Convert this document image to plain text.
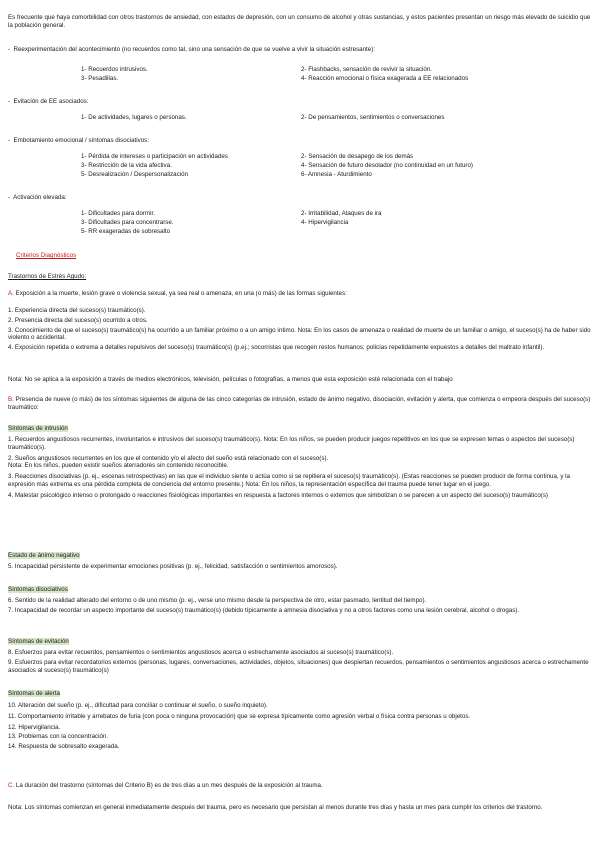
Es frecuente que haya comorbilidad con otros trastornos de ansiedad, con estados de depresión, con un consumo de alcohol y otras sustancias, y estos pacientes presentan un riesgo más elevado de suicidio que la población general.

-  Reexperimentación del acontecimiento (no recuerdos como tal, sino una sensación de que se vuelve a vivir la situación estresante):

1- Recuerdos intrusivos.	2- Flashbacks, sensación de revivir la situación.
3- Pesadillas.	4- Reacción emocional o física exagerada a EE relacionados

-  Evitación de EE asociados:

1- De actividades, lugares o personas.	2- De pensamientos, sentimientos o conversaciones

-  Embotamiento emocional / síntomas disociativos:

1- Pérdida de intereses o participación en actividades	2- Sensación de desapego de los demás
3- Restricción de la vida afectiva.	4- Sensación de futuro desolador (no continuidad en un futuro)
5- Desrealización / Despersonalización	6- Amnesia - Aturdimiento

-  Activación elevada:

1- Dificultades para dormir.	2- Irritabilidad, Ataques de ira
3- Dificultades para concentrarse.	4- Hipervigilancia
5- RR exageradas de sobresalto

Criterios Diagnósticos

Trastornos de Estrés Agudo:

A. Exposición a la muerte, lesión grave o violencia sexual, ya sea real o amenaza, en una (o más) de las formas siguientes:

1. Experiencia directa del suceso(s) traumático(s).

2. Presencia directa del suceso(s) ocurrido a otros.

3. Conocimiento de que el suceso(s) traumático(s) ha ocurrido a un familiar próximo o a un amigo íntimo. Nota: En los casos de amenaza o realidad de muerte de un familiar o amigo, el suceso(s) ha de haber sido violento o accidental.

4. Exposición repetida o extrema a detalles repulsivos del suceso(s) traumático(s) (p.ej.; socorristas que recogen restos humanos; policías repetidamente expuestos a detalles del maltrato infantil).

Nota: No se aplica a la exposición a través de medios electrónicos, televisión, películas o fotografías, a menos que esta exposición esté relacionada con el trabajo

B. Presencia de nueve (o más) de los síntomas siguientes de alguna de las cinco categorías de intrusión, estado de ánimo negativo, disociación, evitación y alerta, que comienza o empeora después del suceso(s) traumático:

Síntomas de intrusión

1. Recuerdos angustiosos recurrentes, involuntarios e intrusivos del suceso(s) traumático(s). Nota: En los niños, se pueden producir juegos repetitivos en los que se expresen temas o aspectos del suceso(s) traumático(s).

2. Sueños angustiosos recurrentes en los que el contenido y/o el afecto del sueño está relacionado con el suceso(s).

Nota: En los niños, pueden existir sueños aterradores sin contenido reconocible.

3. Reacciones disociativas (p. ej., escenas retrospectivas) en las que el individuo siente o actúa como si se repitiera el suceso(s) traumático(s). (Estas reacciones se pueden producir de forma continua, y la expresión más extrema es una pérdida completa de conciencia del entorno presente.) Nota: En los niños, la representación específica del trauma puede tener lugar en el juego.

4. Malestar psicológico intenso o prolongado o reacciones fisiológicas importantes en respuesta a factores internos o externos que simbolizan o se parecen a un aspecto del suceso(s) traumático(s)

Estado de ánimo negativo

5. Incapacidad persistente de experimentar emociones positivas (p. ej., felicidad, satisfacción o sentimientos amorosos).

Síntomas disociativos

6. Sentido de la realidad alterado del entorno o de uno mismo (p. ej., verse uno mismo desde la perspectiva de otro, estar pasmado, lentitud del tiempo).

7. Incapacidad de recordar un aspecto importante del suceso(s) traumático(s) (debido típicamente a amnesia disociativa y no a otros factores como una lesión cerebral, alcohol o drogas).

Síntomas de evitación

8. Esfuerzos para evitar recuerdos, pensamientos o sentimientos angustiosos acerca o estrechamente asociados al suceso(s) traumático(s).

9. Esfuerzos para evitar recordatorios externos (personas, lugares, conversaciones, actividades, objetos, situaciones) que despiertan recuerdos, pensamientos o sentimientos angustiosos acerca o estrechamente asociados al suceso(s) traumático(s)

Síntomas de alerta

10. Alteración del sueño (p. ej., dificultad para conciliar o continuar el sueño, o sueño inquieto).

11. Comportamiento irritable y arrebatos de furia (con poca o ninguna provocación) que se expresa típicamente como agresión verbal o física contra personas u objetos.

12. Hipervigilancia.

13. Problemas con la concentración.

14. Respuesta de sobresalto exagerada.

C. La duración del trastorno (síntomas del Criterio B) es de tres días a un mes después de la exposición al trauma.

Nota: Los síntomas comienzan en general inmediatamente después del trauma, pero es necesario que persistan al menos durante tres días y hasta un mes para cumplir los criterios del trastorno.
